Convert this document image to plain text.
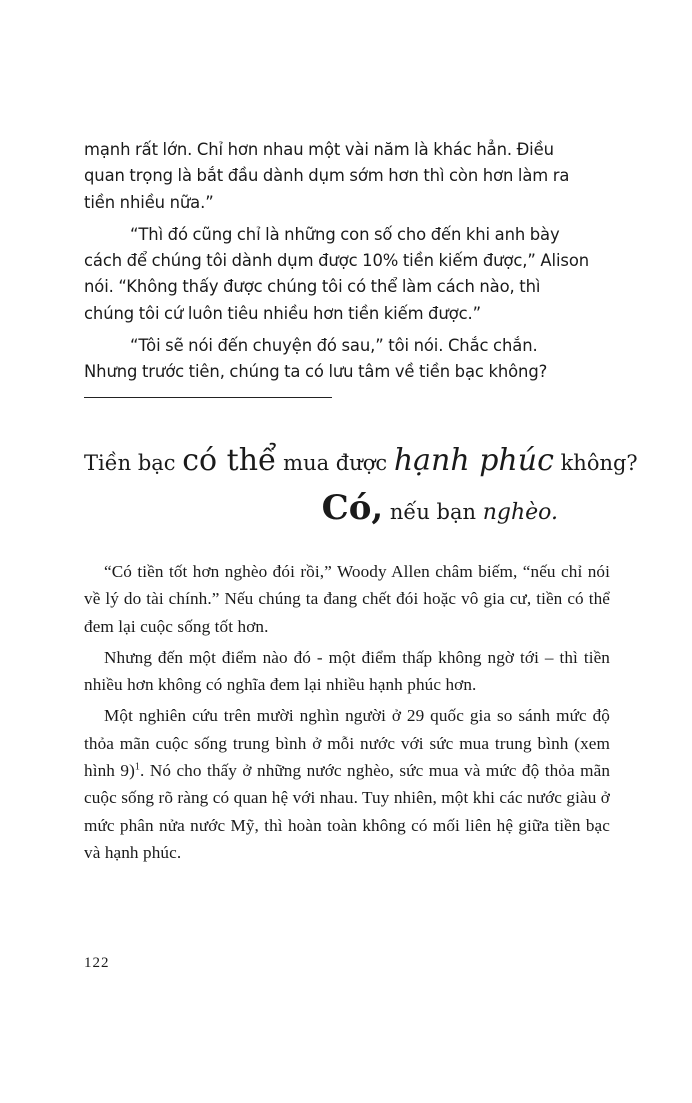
mạnh rất lớn. Chỉ hơn nhau một vài năm là khác hẳn. Điều quan trọng là bắt đầu dành dụm sớm hơn thì còn hơn làm ra tiền nhiều nữa.”

“Thì đó cũng chỉ là những con số cho đến khi anh bày cách để chúng tôi dành dụm được 10% tiền kiếm được,” Alison nói. “Không thấy được chúng tôi có thể làm cách nào, thì chúng tôi cứ luôn tiêu nhiều hơn tiền kiếm được.”

“Tôi sẽ nói đến chuyện đó sau,” tôi nói. Chắc chắn. Nhưng trước tiên, chúng ta có lưu tâm về tiền bạc không?

Tiền bạc có thể mua được hạnh phúc không?
Có, nếu bạn nghèo.

“Có tiền tốt hơn nghèo đói rồi,” Woody Allen châm biếm, “nếu chỉ nói về lý do tài chính.” Nếu chúng ta đang chết đói hoặc vô gia cư, tiền có thể đem lại cuộc sống tốt hơn.

Nhưng đến một điểm nào đó - một điểm thấp không ngờ tới – thì tiền nhiều hơn không có nghĩa đem lại nhiều hạnh phúc hơn.

Một nghiên cứu trên mười nghìn người ở 29 quốc gia so sánh mức độ thỏa mãn cuộc sống trung bình ở mỗi nước với sức mua trung bình (xem hình 9)$^1$. Nó cho thấy ở những nước nghèo, sức mua và mức độ thỏa mãn cuộc sống rõ ràng có quan hệ với nhau. Tuy nhiên, một khi các nước giàu ở mức phân nửa nước Mỹ, thì hoàn toàn không có mối liên hệ giữa tiền bạc và hạnh phúc.

122
